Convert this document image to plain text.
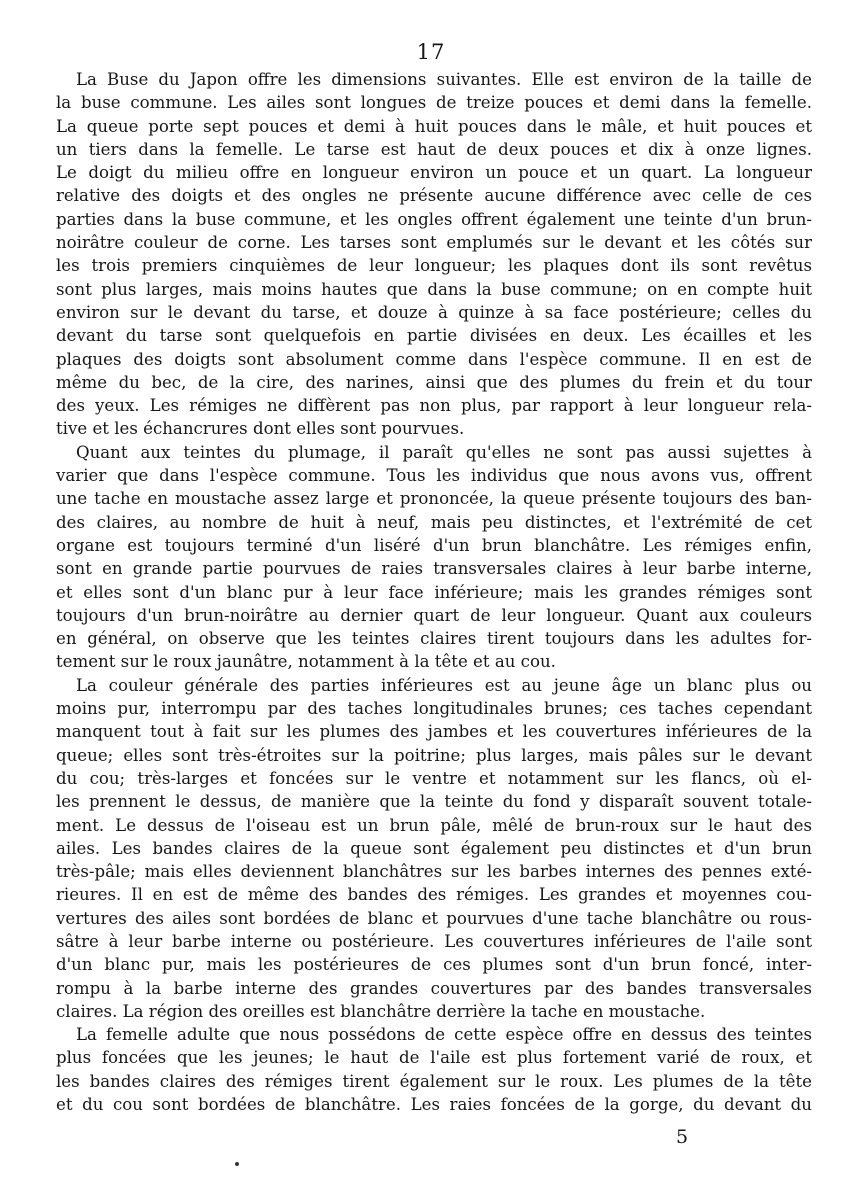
17
La Buse du Japon offre les dimensions suivantes. Elle est environ de la taille de
la buse commune. Les ailes sont longues de treize pouces et demi dans la femelle.
La queue porte sept pouces et demi à huit pouces dans le mâle, et huit pouces et
un tiers dans la femelle. Le tarse est haut de deux pouces et dix à onze lignes.
Le doigt du milieu offre en longueur environ un pouce et un quart. La longueur
relative des doigts et des ongles ne présente aucune différence avec celle de ces
parties dans la buse commune, et les ongles offrent également une teinte d'un brun-
noirâtre couleur de corne. Les tarses sont emplumés sur le devant et les côtés sur
les trois premiers cinquièmes de leur longueur; les plaques dont ils sont revêtus
sont plus larges, mais moins hautes que dans la buse commune; on en compte huit
environ sur le devant du tarse, et douze à quinze à sa face postérieure; celles du
devant du tarse sont quelquefois en partie divisées en deux. Les écailles et les
plaques des doigts sont absolument comme dans l'espèce commune. Il en est de
même du bec, de la cire, des narines, ainsi que des plumes du frein et du tour
des yeux. Les rémiges ne diffèrent pas non plus, par rapport à leur longueur rela-
tive et les échancrures dont elles sont pourvues.
Quant aux teintes du plumage, il paraît qu'elles ne sont pas aussi sujettes à
varier que dans l'espèce commune. Tous les individus que nous avons vus, offrent
une tache en moustache assez large et prononcée, la queue présente toujours des ban-
des claires, au nombre de huit à neuf, mais peu distinctes, et l'extrémité de cet
organe est toujours terminé d'un liséré d'un brun blanchâtre. Les rémiges enfin,
sont en grande partie pourvues de raies transversales claires à leur barbe interne,
et elles sont d'un blanc pur à leur face inférieure; mais les grandes rémiges sont
toujours d'un brun-noirâtre au dernier quart de leur longueur. Quant aux couleurs
en général, on observe que les teintes claires tirent toujours dans les adultes for-
tement sur le roux jaunâtre, notamment à la tête et au cou.
La couleur générale des parties inférieures est au jeune âge un blanc plus ou
moins pur, interrompu par des taches longitudinales brunes; ces taches cependant
manquent tout à fait sur les plumes des jambes et les couvertures inférieures de la
queue; elles sont très-étroites sur la poitrine; plus larges, mais pâles sur le devant
du cou; très-larges et foncées sur le ventre et notamment sur les flancs, où el-
les prennent le dessus, de manière que la teinte du fond y disparaît souvent totale-
ment. Le dessus de l'oiseau est un brun pâle, mêlé de brun-roux sur le haut des
ailes. Les bandes claires de la queue sont également peu distinctes et d'un brun
très-pâle; mais elles deviennent blanchâtres sur les barbes internes des pennes exté-
rieures. Il en est de même des bandes des rémiges. Les grandes et moyennes cou-
vertures des ailes sont bordées de blanc et pourvues d'une tache blanchâtre ou rous-
sâtre à leur barbe interne ou postérieure. Les couvertures inférieures de l'aile sont
d'un blanc pur, mais les postérieures de ces plumes sont d'un brun foncé, inter-
rompu à la barbe interne des grandes couvertures par des bandes transversales
claires. La région des oreilles est blanchâtre derrière la tache en moustache.
La femelle adulte que nous possédons de cette espèce offre en dessus des teintes
plus foncées que les jeunes; le haut de l'aile est plus fortement varié de roux, et
les bandes claires des rémiges tirent également sur le roux. Les plumes de la tête
et du cou sont bordées de blanchâtre. Les raies foncées de la gorge, du devant du
5
